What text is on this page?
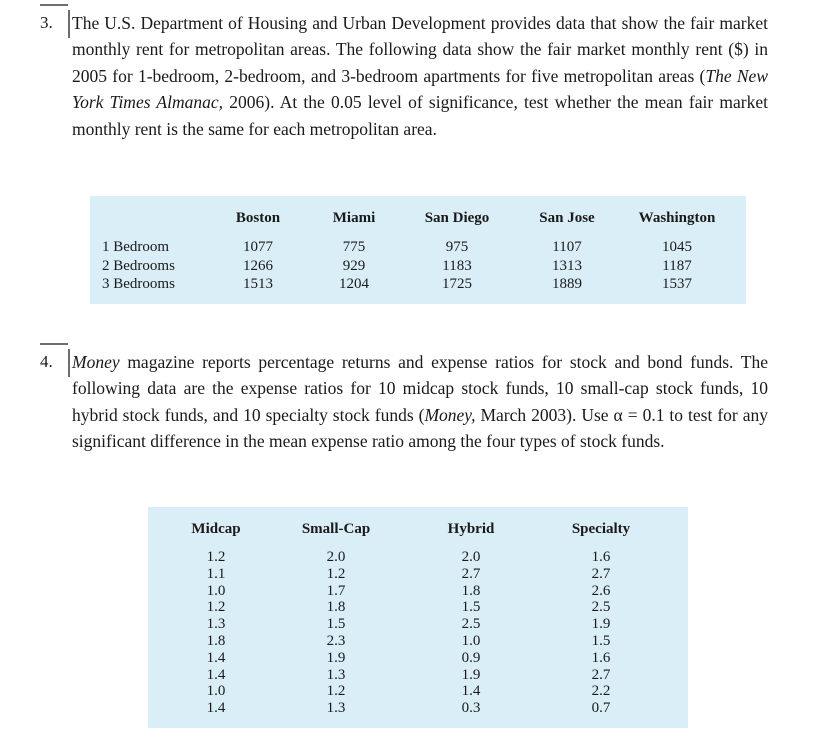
3. The U.S. Department of Housing and Urban Development provides data that show the fair market monthly rent for metropolitan areas. The following data show the fair market monthly rent ($) in 2005 for 1-bedroom, 2-bedroom, and 3-bedroom apartments for five metropolitan areas (The New York Times Almanac, 2006). At the 0.05 level of significance, test whether the mean fair market monthly rent is the same for each metropolitan area.
	Boston	Miami	San Diego	San Jose	Washington
1 Bedroom	1077	775	975	1107	1045
2 Bedrooms	1266	929	1183	1313	1187
3 Bedrooms	1513	1204	1725	1889	1537
4. Money magazine reports percentage returns and expense ratios for stock and bond funds. The following data are the expense ratios for 10 midcap stock funds, 10 small-cap stock funds, 10 hybrid stock funds, and 10 specialty stock funds (Money, March 2003). Use α = 0.1 to test for any significant difference in the mean expense ratio among the four types of stock funds.
Midcap	Small-Cap	Hybrid	Specialty
1.2	2.0	2.0	1.6
1.1	1.2	2.7	2.7
1.0	1.7	1.8	2.6
1.2	1.8	1.5	2.5
1.3	1.5	2.5	1.9
1.8	2.3	1.0	1.5
1.4	1.9	0.9	1.6
1.4	1.3	1.9	2.7
1.0	1.2	1.4	2.2
1.4	1.3	0.3	0.7
